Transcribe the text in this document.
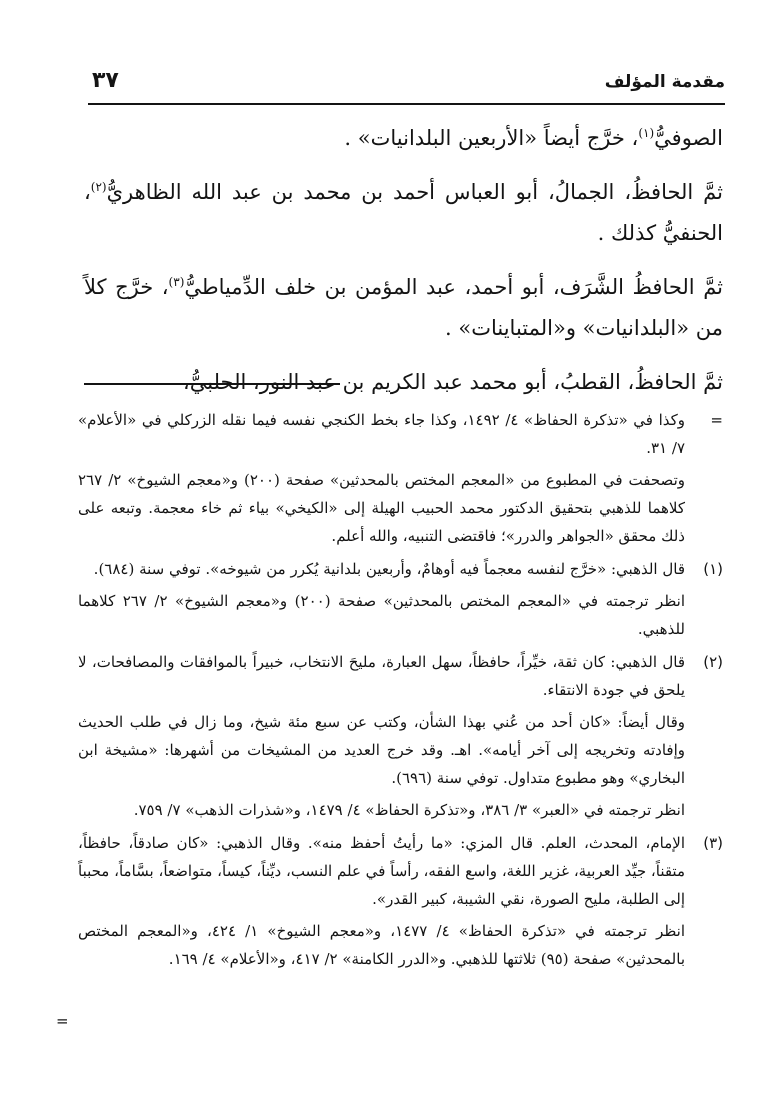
مقدمة المؤلف
٣٧

الصوفيُّ$^{(١)}$، خرَّج أيضاً «الأربعين البلدانيات» .

ثمَّ الحافظُ، الجمالُ، أبو العباس أحمد بن محمد بن عبد الله الظاهريُّ$^{(٢)}$، الحنفيُّ كذلك .

ثمَّ الحافظُ الشَّرَف، أبو أحمد، عبد المؤمن بن خلف الدِّمياطيُّ$^{(٣)}$، خرَّج كلاً من «البلدانيات» و«المتباينات» .

ثمَّ الحافظُ، القطبُ، أبو محمد عبد الكريم بن عبد النور، الحلبيُّ،

=

وكذا في «تذكرة الحفاظ» ٤/ ١٤٩٢، وكذا جاء بخط الكنجي نفسه فيما نقله الزركلي في «الأعلام» ٧/ ٣١.

وتصحفت في المطبوع من «المعجم المختص بالمحدثين» صفحة (٢٠٠) و«معجم الشيوخ» ٢/ ٢٦٧ كلاهما للذهبي بتحقيق الدكتور محمد الحبيب الهيلة إلى «الكيخي» بياء ثم خاء معجمة. وتبعه على ذلك محقق «الجواهر والدرر»؛ فاقتضى التنبيه، والله أعلم.

(١)

قال الذهبي: «خرَّج لنفسه معجماً فيه أوهامٌ، وأربعين بلدانية يُكرر من شيوخه». توفي سنة (٦٨٤).

انظر ترجمته في «المعجم المختص بالمحدثين» صفحة (٢٠٠) و«معجم الشيوخ» ٢/ ٢٦٧ كلاهما للذهبي.

(٢)

قال الذهبي: كان ثقة، خيِّراً، حافظاً، سهل العبارة، مليحَ الانتخاب، خبيراً بالموافقات والمصافحات، لا يلحق في جودة الانتقاء.

وقال أيضاً: «كان أحد من عُني بهذا الشأن، وكتب عن سبع مئة شيخ، وما زال في طلب الحديث وإفادته وتخريجه إلى آخر أيامه». اهـ. وقد خرج العديد من المشيخات من أشهرها: «مشيخة ابن البخاري» وهو مطبوع متداول. توفي سنة (٦٩٦).

انظر ترجمته في «العبر» ٣/ ٣٨٦، و«تذكرة الحفاظ» ٤/ ١٤٧٩، و«شذرات الذهب» ٧/ ٧٥٩.

(٣)

الإمام، المحدث، العلم. قال المزي: «ما رأيتُ أحفظ منه». وقال الذهبي: «كان صادقاً، حافظاً، متقناً، جيِّد العربية، غزير اللغة، واسع الفقه، رأساً في علم النسب، ديِّناً، كيساً، متواضعاً، بسَّاماً، محبباً إلى الطلبة، مليح الصورة، نقي الشيبة، كبير القدر».

انظر ترجمته في «تذكرة الحفاظ» ٤/ ١٤٧٧، و«معجم الشيوخ» ١/ ٤٢٤، و«المعجم المختص بالمحدثين» صفحة (٩٥) ثلاثتها للذهبي. و«الدرر الكامنة» ٢/ ٤١٧، و«الأعلام» ٤/ ١٦٩.

=
